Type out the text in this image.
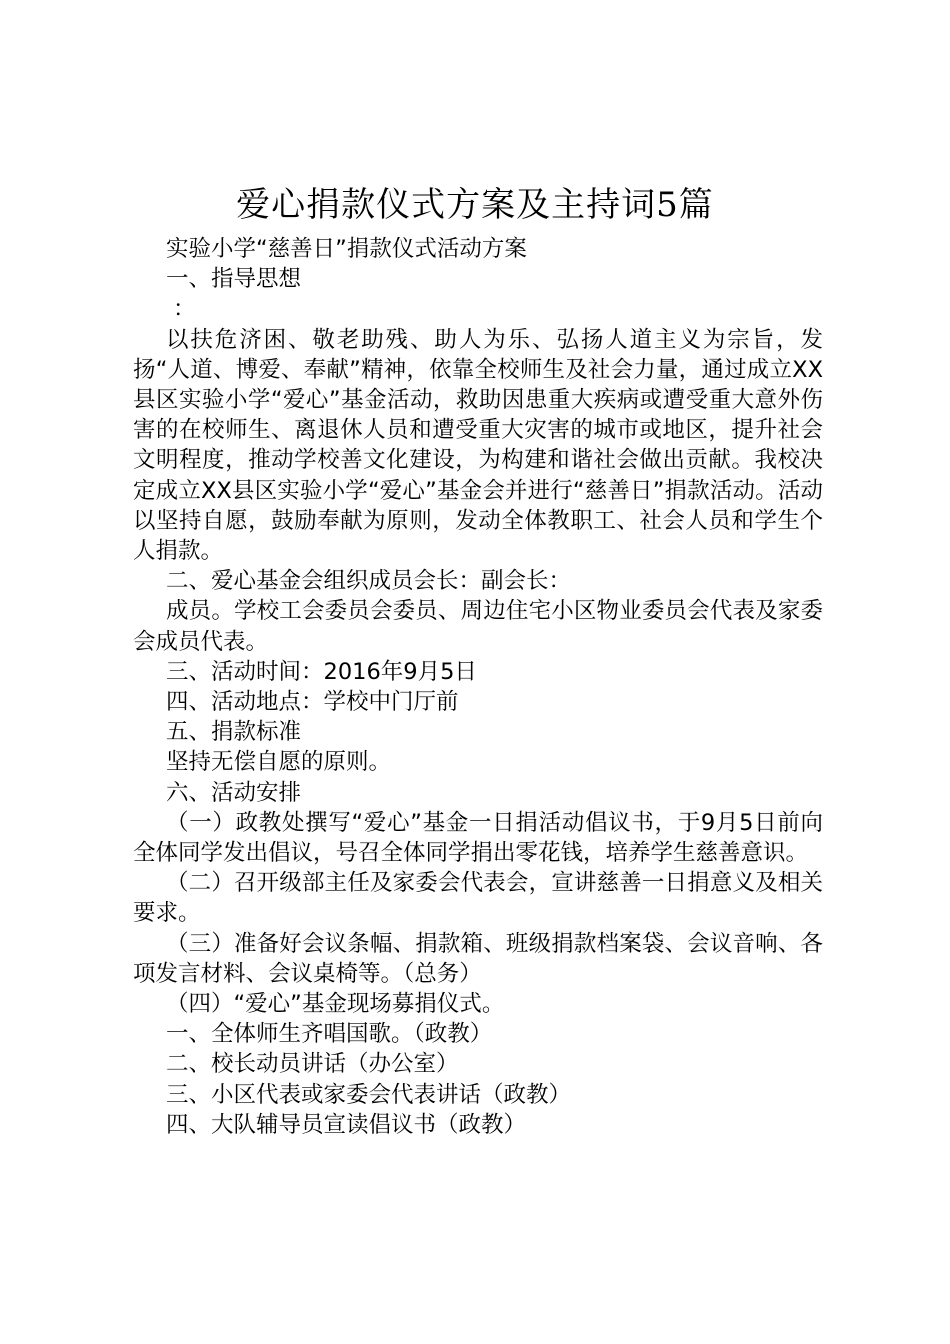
爱心捐款仪式方案及主持词5篇

实验小学“慈善日”捐款仪式活动方案

一、指导思想

：

以扶危济困、敬老助残、助人为乐、弘扬人道主义为宗旨，发扬“人道、博爱、奉献”精神，依靠全校师生及社会力量，通过成立XX县区实验小学“爱心”基金活动，救助因患重大疾病或遭受重大意外伤害的在校师生、离退休人员和遭受重大灾害的城市或地区，提升社会文明程度，推动学校善文化建设，为构建和谐社会做出贡献。我校决定成立XX县区实验小学“爱心”基金会并进行“慈善日”捐款活动。活动以坚持自愿，鼓励奉献为原则，发动全体教职工、社会人员和学生个人捐款。

二、爱心基金会组织成员会长：副会长：

成员。学校工会委员会委员、周边住宅小区物业委员会代表及家委会成员代表。

三、活动时间：2016年9月5日

四、活动地点：学校中门厅前

五、捐款标准

坚持无偿自愿的原则。

六、活动安排

（一）政教处撰写“爱心”基金一日捐活动倡议书，于9月5日前向全体同学发出倡议，号召全体同学捐出零花钱，培养学生慈善意识。

（二）召开级部主任及家委会代表会，宣讲慈善一日捐意义及相关要求。

（三）准备好会议条幅、捐款箱、班级捐款档案袋、会议音响、各项发言材料、会议桌椅等。（总务）

（四）“爱心”基金现场募捐仪式。

一、全体师生齐唱国歌。（政教）

二、校长动员讲话（办公室）

三、小区代表或家委会代表讲话（政教）

四、大队辅导员宣读倡议书（政教）
